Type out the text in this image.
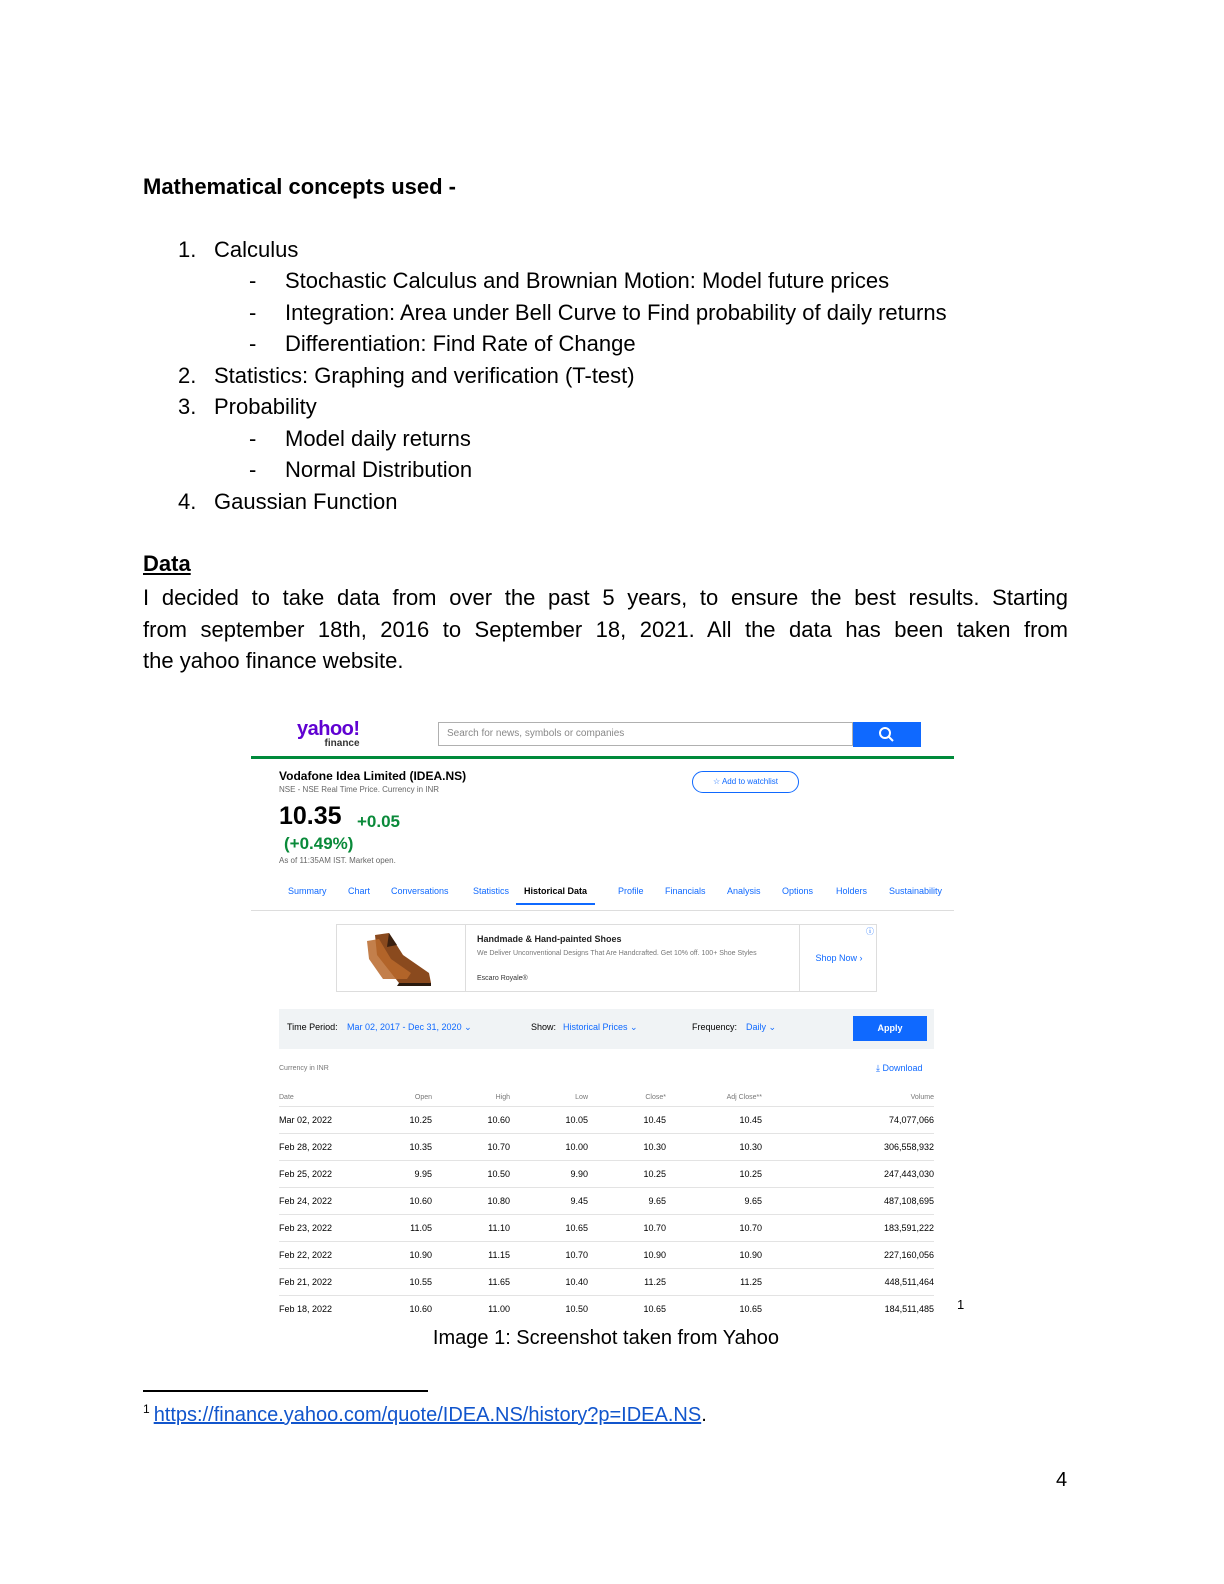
Mathematical concepts used -
1. Calculus
- Stochastic Calculus and Brownian Motion: Model future prices
- Integration: Area under Bell Curve to Find probability of daily returns
- Differentiation: Find Rate of Change
2. Statistics: Graphing and verification (T-test)
3. Probability
- Model daily returns
- Normal Distribution
4. Gaussian Function
Data
I decided to take data from over the past 5 years, to ensure the best results. Starting
from september 18th, 2016 to September 18, 2021. All the data has been taken from
the yahoo finance website.
yahoo!
finance
Search for news, symbols or companies
Vodafone Idea Limited (IDEA.NS)
NSE - NSE Real Time Price. Currency in INR
☆ Add to watchlist
10.35 +0.05
(+0.49%)
As of 11:35AM IST. Market open.
Summary Chart Conversations	Statistics	Historical Data	Profile Financials Analysis Options	Holders Sustainability
Handmade & Hand-painted Shoes
We Deliver Unconventional Designs That Are Handcrafted. Get 10% off. 100+ Shoe Styles
Escaro Royale®
Shop Now ›
ⓘ
Time Period: Mar 02, 2017 - Dec 31, 2020 ⌄	Show: Historical Prices ⌄	Frequency: Daily ⌄	Apply
Currency in INR	⤓ Download
Date	Open	High	Low	Close*	Adj Close**	Volume
Mar 02, 2022	10.25	10.60	10.05	10.45	10.45	74,077,066
Feb 28, 2022	10.35	10.70	10.00	10.30	10.30	306,558,932
Feb 25, 2022	9.95	10.50	9.90	10.25	10.25	247,443,030
Feb 24, 2022	10.60	10.80	9.45	9.65	9.65	487,108,695
Feb 23, 2022	11.05	11.10	10.65	10.70	10.70	183,591,222
Feb 22, 2022	10.90	11.15	10.70	10.90	10.90	227,160,056
Feb 21, 2022	10.55	11.65	10.40	11.25	11.25	448,511,464
Feb 18, 2022	10.60	11.00	10.50	10.65	10.65	184,511,485 1
Image 1: Screenshot taken from Yahoo
$^1$ https://finance.yahoo.com/quote/IDEA.NS/history?p=IDEA.NS.
4
